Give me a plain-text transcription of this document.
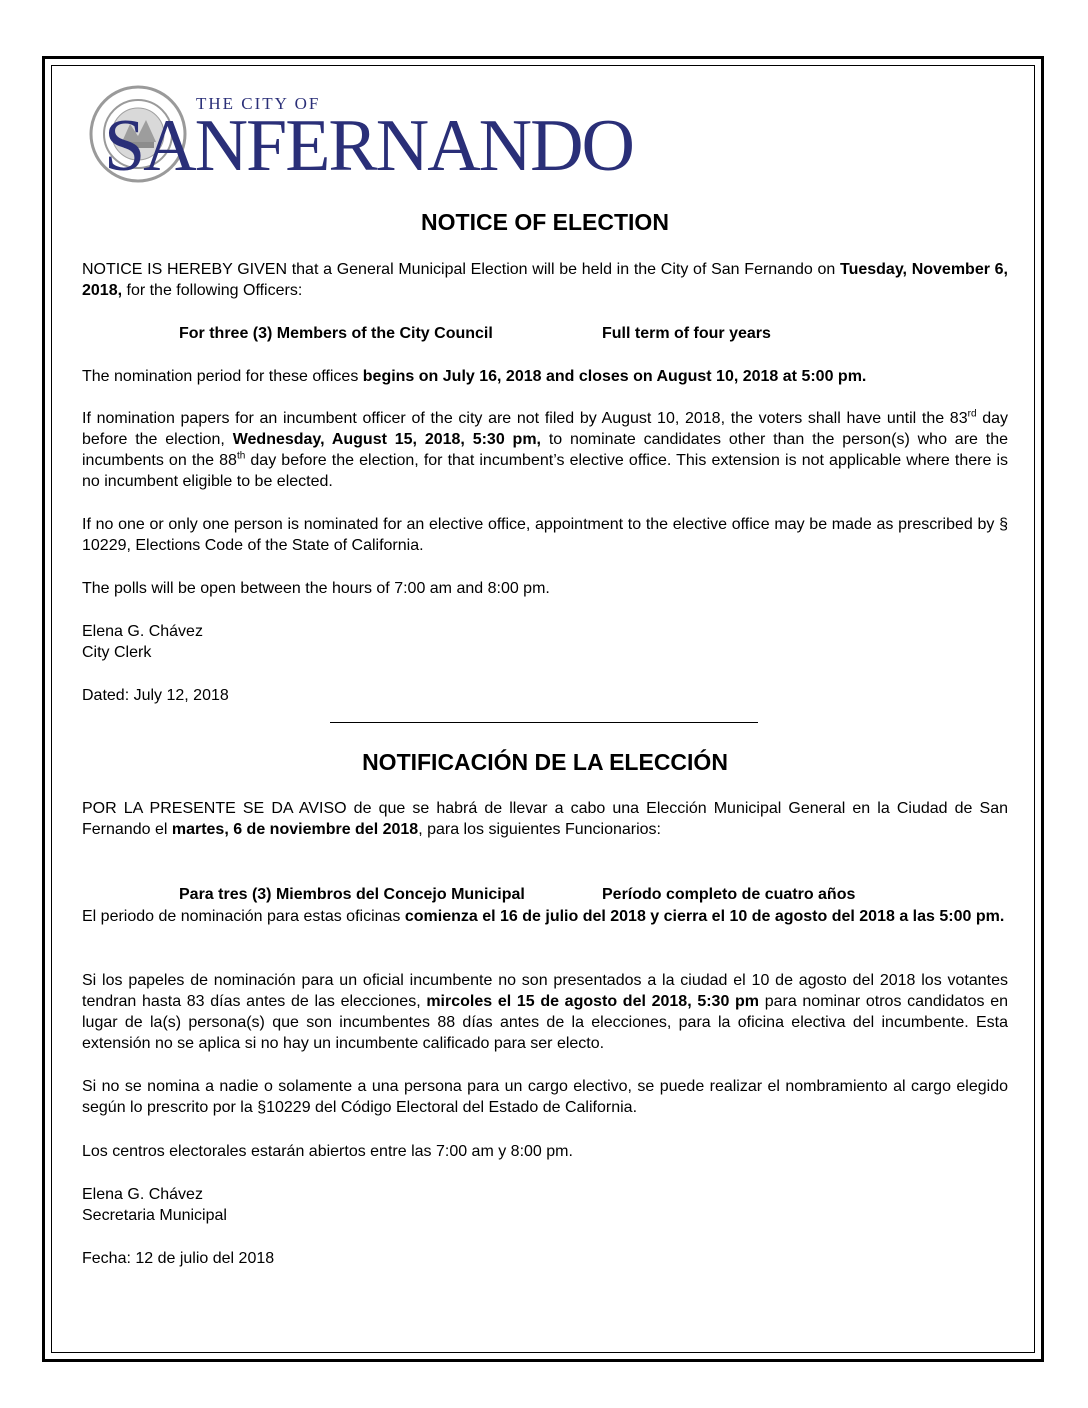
THE CITY OF
SANFERNANDO
NOTICE OF ELECTION
NOTICE IS HEREBY GIVEN that a General Municipal Election will be held in the City of San Fernando on Tuesday, November 6, 2018, for the following Officers:
For three (3) Members of the City Council	Full term of four years
The nomination period for these offices begins on July 16, 2018 and closes on August 10, 2018 at 5:00 pm.
If nomination papers for an incumbent officer of the city are not filed by August 10, 2018, the voters shall have until the 83rd day before the election, Wednesday, August 15, 2018, 5:30 pm, to nominate candidates other than the person(s) who are the incumbents on the 88th day before the election, for that incumbent’s elective office. This extension is not applicable where there is no incumbent eligible to be elected.
If no one or only one person is nominated for an elective office, appointment to the elective office may be made as prescribed by § 10229, Elections Code of the State of California.
The polls will be open between the hours of 7:00 am and 8:00 pm.

Elena G. Chávez

City Clerk

Dated: July 12, 2018
NOTIFICACIÓN DE LA ELECCIÓN
POR LA PRESENTE SE DA AVISO de que se habrá de llevar a cabo una Elección Municipal General en la Ciudad de San Fernando el martes, 6 de noviembre del 2018, para los siguientes Funcionarios:
Para tres (3) Miembros del Concejo Municipal	Período completo de cuatro años
El periodo de nominación para estas oficinas comienza el 16 de julio del 2018 y cierra el 10 de agosto del 2018 a las 5:00 pm.
Si los papeles de nominación para un oficial incumbente no son presentados a la ciudad el 10 de agosto del 2018 los votantes tendran hasta 83 días antes de las elecciones, mircoles el 15 de agosto del 2018, 5:30 pm para nominar otros candidatos en lugar de la(s) persona(s) que son incumbentes 88 días antes de la elecciones, para la oficina electiva del incumbente. Esta extensión no se aplica si no hay un incumbente calificado para ser electo.
Si no se nomina a nadie o solamente a una persona para un cargo electivo, se puede realizar el nombramiento al cargo elegido según lo prescrito por la §10229 del Código Electoral del Estado de California.
Los centros electorales estarán abiertos entre las 7:00 am y 8:00 pm.

Elena G. Chávez

Secretaria Municipal

Fecha: 12 de julio del 2018
